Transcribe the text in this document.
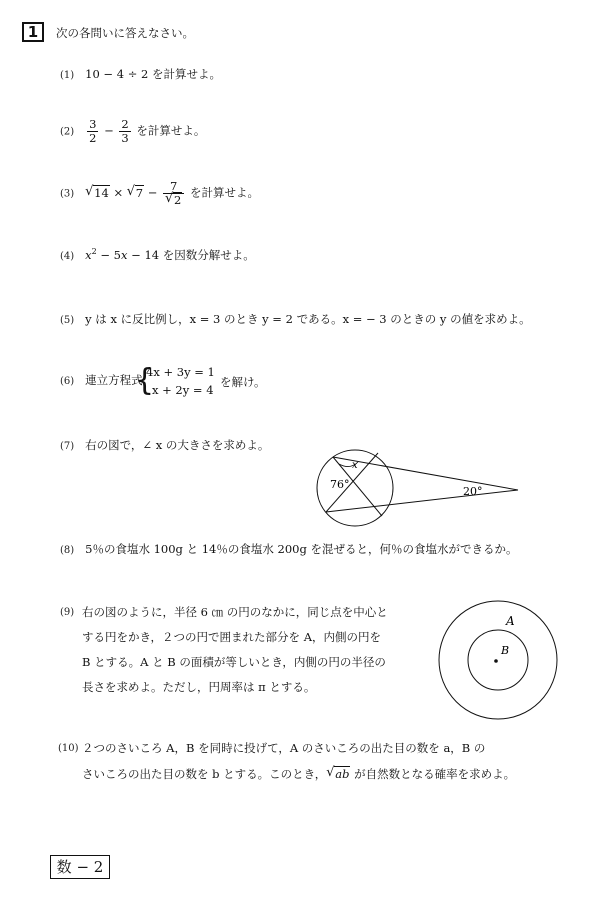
1	次の各問いに答えなさい。
(1) 10 − 4 ÷ 2 を計算せよ。
$(2) \frac{3}{2} - \frac{2}{3}$ を計算せよ。
(3) √ 14 × √ $7 - \frac{7}{√ 2}$ を計算せよ。
(4) $x^2 - 5x - 14$ を因数分解せよ。
(5) y は x に反比例し，x = 3 のとき y = 2 である。x = − 3 のときの y の値を求めよ。
(6) 連立方程式
{
4x + 3y = 1
x + 2y = 4
を解け。
(7) 右の図で，∠ x の大きさを求めよ。
x
76°
20°
(8) 5％の食塩水 100g と 14％の食塩水 200g を混ぜると，何％の食塩水ができるか。
(9) 右の図のように，半径 6 ㎝ の円のなかに，同じ点を中心と
する円をかき，２つの円で囲まれた部分を A，内側の円を
B とする。A と B の面積が等しいとき，内側の円の半径の
長さを求めよ。ただし，円周率は π とする。
A
B
(10) ２つのさいころ A，B を同時に投げて，A のさいころの出た目の数を a，B の
さいころの出た目の数を b とする。このとき， √ ab が自然数となる確率を求めよ。
数 − 2
